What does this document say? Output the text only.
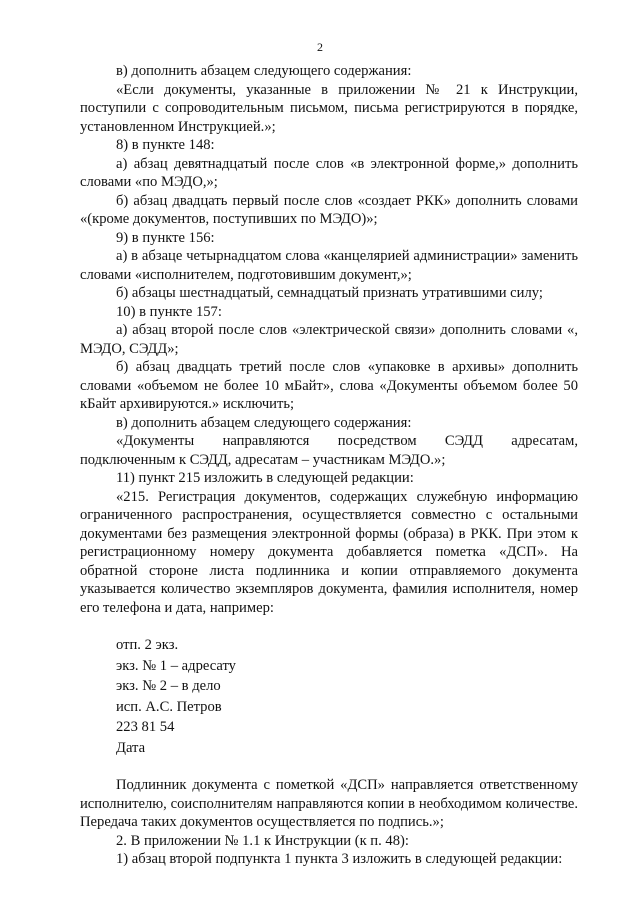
2

в) дополнить абзацем следующего содержания:

«Если документы, указанные в приложении № 21 к Инструкции, поступили с сопроводительным письмом, письма регистрируются в порядке, установленном Инструкцией.»;

8) в пункте 148:

а) абзац девятнадцатый после слов «в электронной форме,» дополнить словами «по МЭДО,»;

б) абзац двадцать первый после слов «создает РКК» дополнить словами «(кроме документов, поступивших по МЭДО)»;

9) в пункте 156:

а) в абзаце четырнадцатом слова «канцелярией администрации» заменить словами «исполнителем, подготовившим документ,»;

б) абзацы шестнадцатый, семнадцатый признать утратившими силу;

10) в пункте 157:

а) абзац второй после слов «электрической связи» дополнить словами «, МЭДО, СЭДД»;

б) абзац двадцать третий после слов «упаковке в архивы» дополнить словами «объемом не более 10 мБайт», слова «Документы объемом более 50 кБайт архивируются.» исключить;

в) дополнить абзацем следующего содержания:

«Документы направляются посредством СЭДД адресатам, подключенным к СЭДД, адресатам – участникам МЭДО.»;

11) пункт 215 изложить в следующей редакции:

«215. Регистрация документов, содержащих служебную информацию ограниченного распространения, осуществляется совместно с остальными документами без размещения электронной формы (образа) в РКК. При этом к регистрационному номеру документа добавляется пометка «ДСП». На обратной стороне листа подлинника и копии отправляемого документа указывается количество экземпляров документа, фамилия исполнителя, номер его телефона и дата, например:

отп. 2 экз.
экз. № 1 – адресату
экз. № 2 – в дело
исп. А.С. Петров
223 81 54
Дата

Подлинник документа с пометкой «ДСП» направляется ответственному исполнителю, соисполнителям направляются копии в необходимом количестве. Передача таких документов осуществляется по подпись.»;

2. В приложении № 1.1 к Инструкции (к п. 48):

1) абзац второй подпункта 1 пункта 3 изложить в следующей редакции:
